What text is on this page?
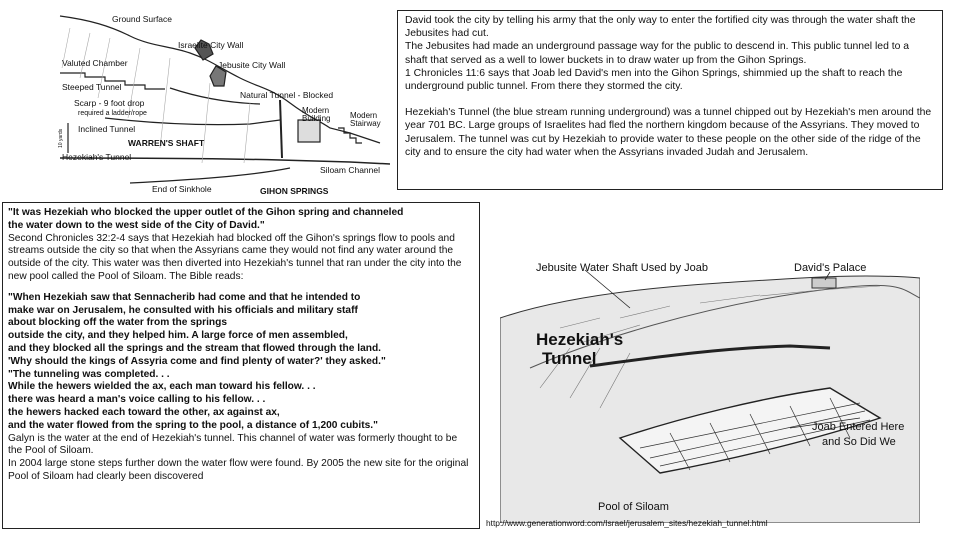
Ground Surface
Israelite City Wall
Valuted Chamber	Jebusite City Wall
Steeped Tunnel
Natural Tunnel - Blocked
Scarp - 9 foot drop
required a ladder/rope	Modern
Building Modern
Stairway
Inclined Tunnel
WARREN'S SHAFT
Hezekiah's Tunnel
Siloam Channel
End of Sinkhole	GIHON SPRINGS
10 yards

David took the city by telling his army that the only way to enter the fortified city was through the water shaft the Jebusites had cut.

The Jebusites had made an underground passage way for the public to descend in. This public tunnel led to a shaft that served as a well to lower buckets in to draw water up from the Gihon Springs.

1 Chronicles 11:6 says that Joab led David's men into the Gihon Springs, shimmied up the shaft to reach the underground public tunnel. From there they stormed the city.

Hezekiah's Tunnel (the blue stream running underground) was a tunnel chipped out by Hezekiah's men around the year 701 BC. Large groups of Israelites had fled the northern kingdom because of the Assyrians. They moved to Jerusalem. The tunnel was cut by Hezekiah to provide water to these people on the other side of the ridge of the city and to ensure the city had water when the Assyrians invaded Judah and Jerusalem.

"It was Hezekiah who blocked the upper outlet of the Gihon spring and channeled

the water down to the west side of the City of David."

Second Chronicles 32:2-4 says that Hezekiah had blocked off the Gihon's springs flow to pools and streams outside the city so that when the Assyrians came they would not find any water around the outside of the city. This water was then diverted into Hezekiah's tunnel that ran under the city into the new pool called the Pool of Siloam. The Bible reads:

"When Hezekiah saw that Sennacherib had come and that he intended to

make war on Jerusalem, he consulted with his officials and military staff

about blocking off the water from the springs

outside the city, and they helped him. A large force of men assembled,

and they blocked all the springs and the stream that flowed through the land.

'Why should the kings of Assyria come and find plenty of water?' they asked."

"The tunneling was completed. . .

While the hewers wielded the ax, each man toward his fellow. . .

there was heard a man's voice calling to his fellow. . .

the hewers hacked each toward the other, ax against ax,

and the water flowed from the spring to the pool, a distance of 1,200 cubits."

Galyn is the water at the end of Hezekiah's tunnel. This channel of water was formerly thought to be the Pool of Siloam.

In 2004 large stone steps further down the water flow were found. By 2005 the new site for the original Pool of Siloam had clearly been discovered

Jebusite Water Shaft Used by Joab	David's Palace
Hezekiah's
Tunnel
Joab Entered Here
and So Did We
Pool of Siloam
http://www.generationword.com/Israel/jerusalem_sites/hezekiah_tunnel.html
